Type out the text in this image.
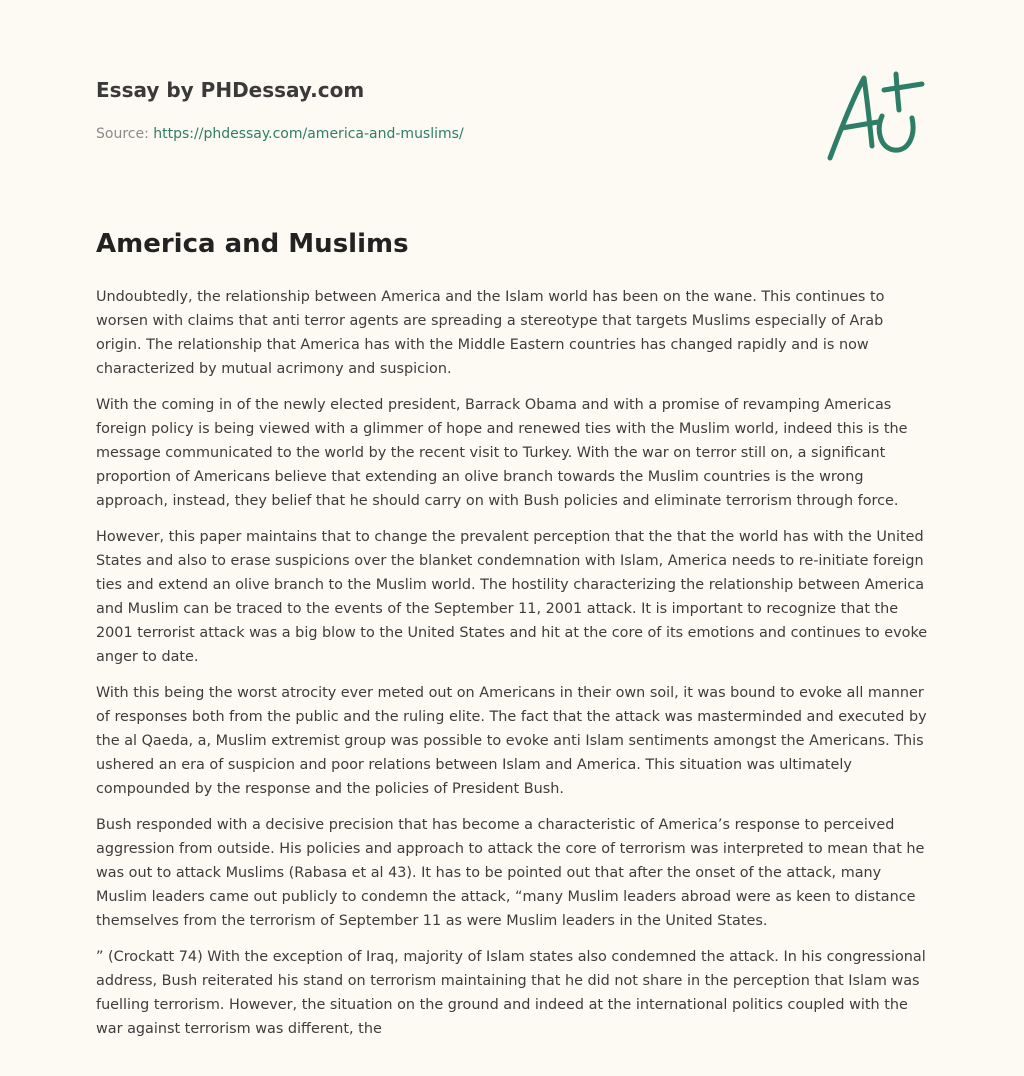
Essay by PHDessay.com
Source: https://phdessay.com/america-and-muslims/
America and Muslims

Undoubtedly, the relationship between America and the Islam world has been on the wane. This continues to worsen with claims that anti terror agents are spreading a stereotype that targets Muslims especially of Arab origin. The relationship that America has with the Middle Eastern countries has changed rapidly and is now characterized by mutual acrimony and suspicion.

With the coming in of the newly elected president, Barrack Obama and with a promise of revamping Americas foreign policy is being viewed with a glimmer of hope and renewed ties with the Muslim world, indeed this is the message communicated to the world by the recent visit to Turkey. With the war on terror still on, a significant proportion of Americans believe that extending an olive branch towards the Muslim countries is the wrong approach, instead, they belief that he should carry on with Bush policies and eliminate terrorism through force.

However, this paper maintains that to change the prevalent perception that the that the world has with the United States and also to erase suspicions over the blanket condemnation with Islam, America needs to re-initiate foreign ties and extend an olive branch to the Muslim world. The hostility characterizing the relationship between America and Muslim can be traced to the events of the September 11, 2001 attack. It is important to recognize that the 2001 terrorist attack was a big blow to the United States and hit at the core of its emotions and continues to evoke anger to date.

With this being the worst atrocity ever meted out on Americans in their own soil, it was bound to evoke all manner of responses both from the public and the ruling elite. The fact that the attack was masterminded and executed by the al Qaeda, a, Muslim extremist group was possible to evoke anti Islam sentiments amongst the Americans. This ushered an era of suspicion and poor relations between Islam and America. This situation was ultimately compounded by the response and the policies of President Bush.

Bush responded with a decisive precision that has become a characteristic of America’s response to perceived aggression from outside. His policies and approach to attack the core of terrorism was interpreted to mean that he was out to attack Muslims (Rabasa et al 43). It has to be pointed out that after the onset of the attack, many Muslim leaders came out publicly to condemn the attack, “many Muslim leaders abroad were as keen to distance themselves from the terrorism of September 11 as were Muslim leaders in the United States.

” (Crockatt 74) With the exception of Iraq, majority of Islam states also condemned the attack. In his congressional address, Bush reiterated his stand on terrorism maintaining that he did not share in the perception that Islam was fuelling terrorism. However, the situation on the ground and indeed at the international politics coupled with the war against terrorism was different, the
